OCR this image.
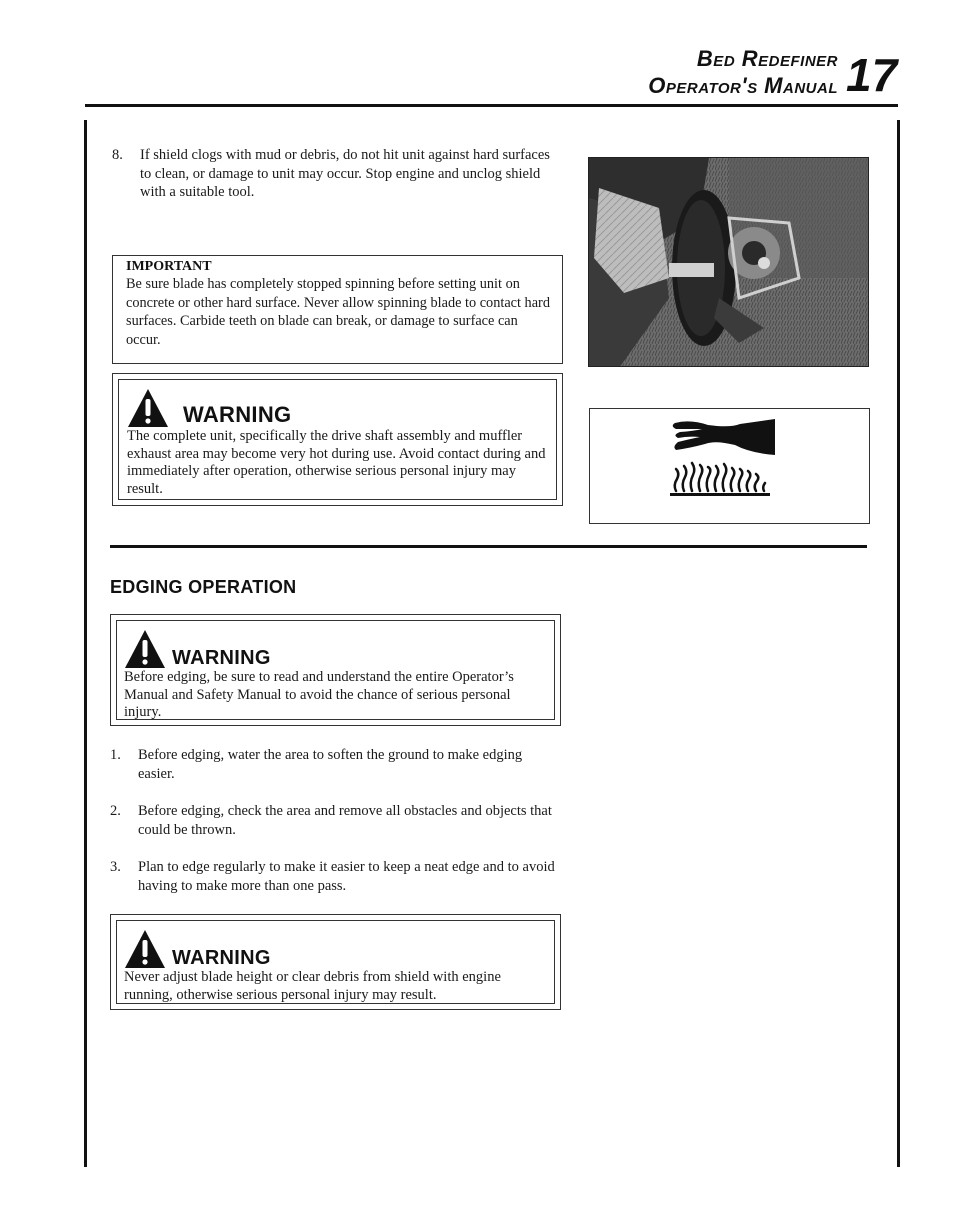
Bed Redefiner
Operator's Manual 17
8. If shield clogs with mud or debris, do not hit unit against hard surfaces to clean, or damage to unit may occur. Stop engine and unclog shield with a suitable tool.
IMPORTANT
Be sure blade has completely stopped spinning before setting unit on concrete or other hard surface. Never allow spinning blade to contact hard surfaces. Carbide teeth on blade can break, or damage to surface can occur.
WARNING
The complete unit, specifically the drive shaft assembly and muffler exhaust area may become very hot during use. Avoid contact during and immediately after operation, otherwise serious personal injury may result.
EDGING OPERATION
WARNING
Before edging, be sure to read and understand the entire Operator’s Manual and Safety Manual to avoid the chance of serious personal injury.
1. Before edging, water the area to soften the ground to make edging easier.
2. Before edging, check the area and remove all obstacles and objects that could be thrown.
3. Plan to edge regularly to make it easier to keep a neat edge and to avoid having to make more than one pass.
WARNING
Never adjust blade height or clear debris from shield with engine running, otherwise serious personal injury may result.
